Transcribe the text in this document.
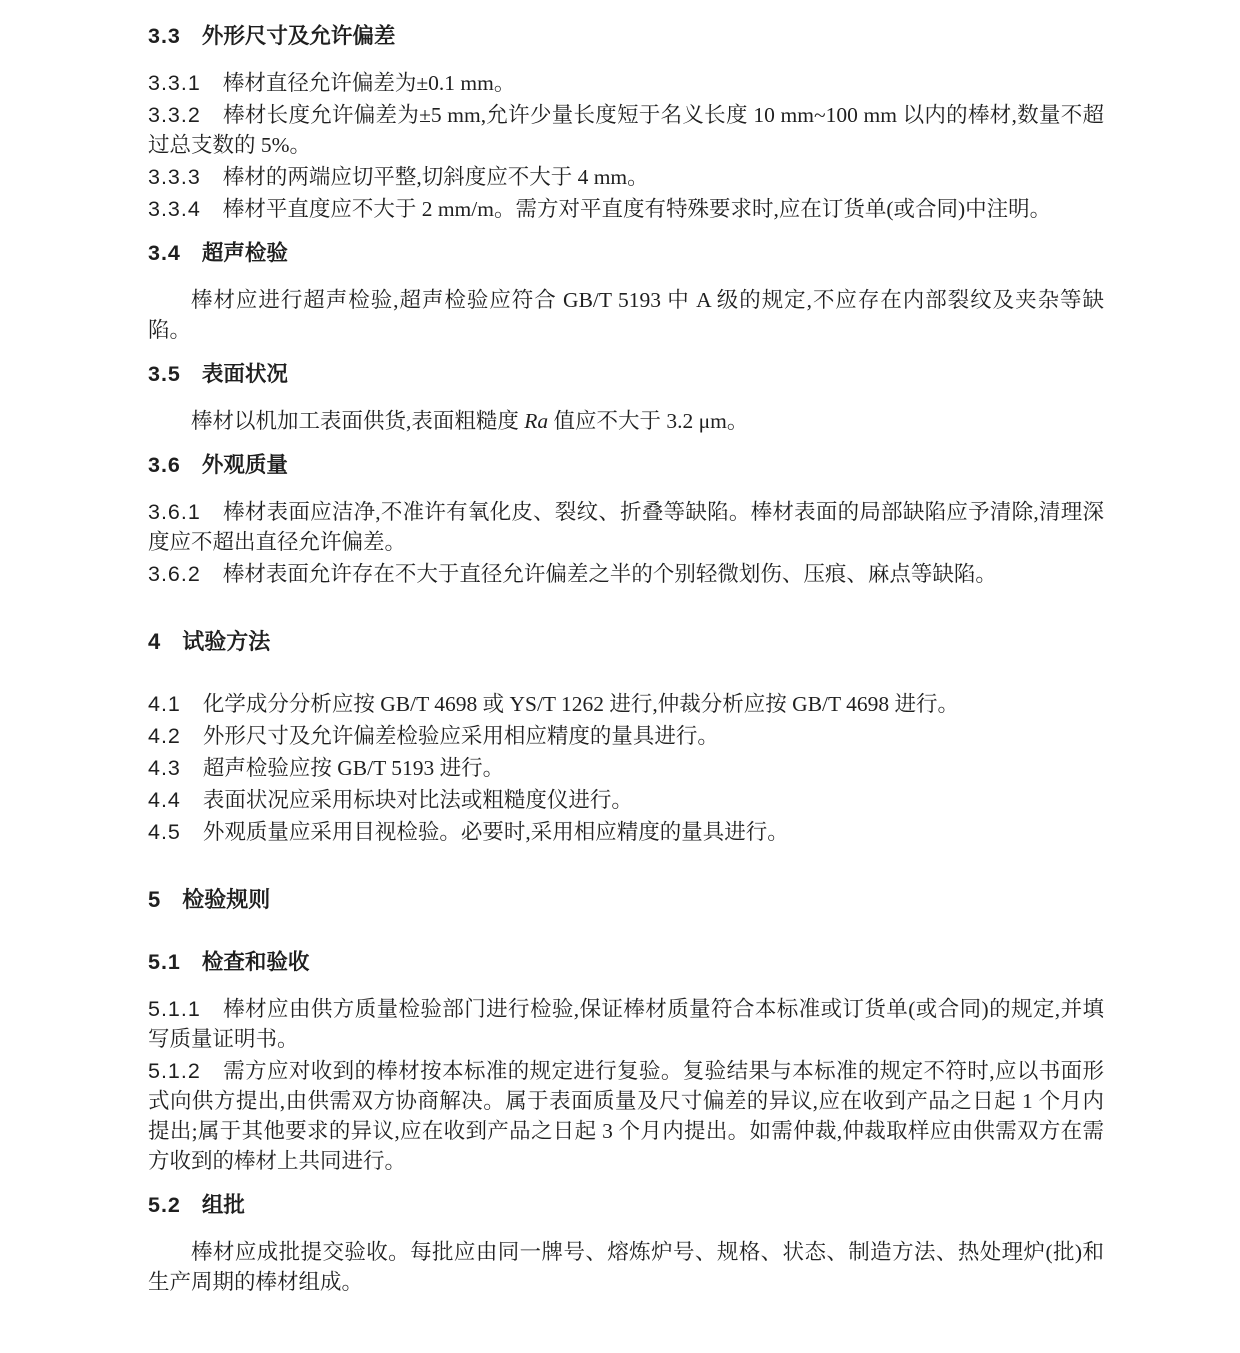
3.3 外形尺寸及允许偏差

3.3.1 棒材直径允许偏差为±0.1 mm。

3.3.2 棒材长度允许偏差为±5 mm,允许少量长度短于名义长度 10 mm~100 mm 以内的棒材,数量不超过总支数的 5%。

3.3.3 棒材的两端应切平整,切斜度应不大于 4 mm。

3.3.4 棒材平直度应不大于 2 mm/m。需方对平直度有特殊要求时,应在订货单(或合同)中注明。

3.4 超声检验

棒材应进行超声检验,超声检验应符合 GB/T 5193 中 A 级的规定,不应存在内部裂纹及夹杂等缺陷。

3.5 表面状况

棒材以机加工表面供货,表面粗糙度 Ra 值应不大于 3.2 μm。

3.6 外观质量

3.6.1 棒材表面应洁净,不准许有氧化皮、裂纹、折叠等缺陷。棒材表面的局部缺陷应予清除,清理深度应不超出直径允许偏差。

3.6.2 棒材表面允许存在不大于直径允许偏差之半的个别轻微划伤、压痕、麻点等缺陷。

4 试验方法

4.1 化学成分分析应按 GB/T 4698 或 YS/T 1262 进行,仲裁分析应按 GB/T 4698 进行。

4.2 外形尺寸及允许偏差检验应采用相应精度的量具进行。

4.3 超声检验应按 GB/T 5193 进行。

4.4 表面状况应采用标块对比法或粗糙度仪进行。

4.5 外观质量应采用目视检验。必要时,采用相应精度的量具进行。

5 检验规则
5.1 检查和验收

5.1.1 棒材应由供方质量检验部门进行检验,保证棒材质量符合本标准或订货单(或合同)的规定,并填写质量证明书。

5.1.2 需方应对收到的棒材按本标准的规定进行复验。复验结果与本标准的规定不符时,应以书面形式向供方提出,由供需双方协商解决。属于表面质量及尺寸偏差的异议,应在收到产品之日起 1 个月内提出;属于其他要求的异议,应在收到产品之日起 3 个月内提出。如需仲裁,仲裁取样应由供需双方在需方收到的棒材上共同进行。

5.2 组批

棒材应成批提交验收。每批应由同一牌号、熔炼炉号、规格、状态、制造方法、热处理炉(批)和生产周期的棒材组成。
